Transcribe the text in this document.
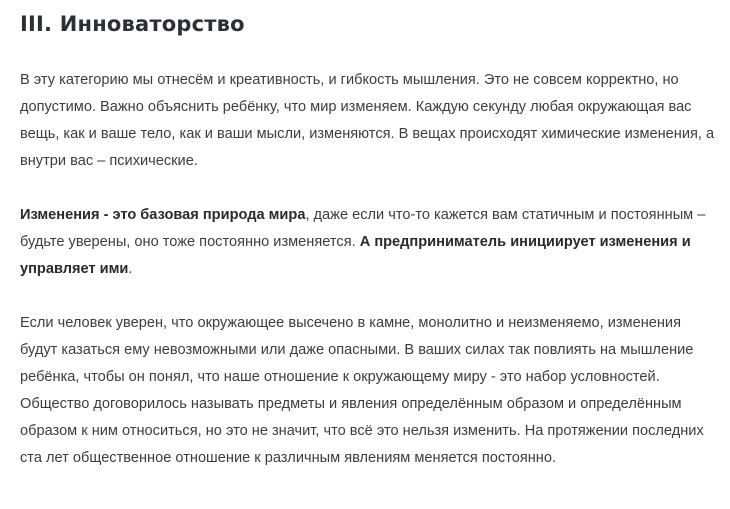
III. Инноваторство

В эту категорию мы отнесём и креативность, и гибкость мышления. Это не совсем корректно, но допустимо. Важно объяснить ребёнку, что мир изменяем. Каждую секунду любая окружающая вас вещь, как и ваше тело, как и ваши мысли, изменяются. В вещах происходят химические изменения, а внутри вас – психические.

Изменения - это базовая природа мира, даже если что-то кажется вам статичным и постоянным – будьте уверены, оно тоже постоянно изменяется. А предприниматель инициирует изменения и управляет ими.

Если человек уверен, что окружающее высечено в камне, монолитно и неизменяемо, изменения будут казаться ему невозможными или даже опасными. В ваших силах так повлиять на мышление ребёнка, чтобы он понял, что наше отношение к окружающему миру - это набор условностей. Общество договорилось называть предметы и явления определённым образом и определённым образом к ним относиться, но это не значит, что всё это нельзя изменить. На протяжении последних ста лет общественное отношение к различным явлениям меняется постоянно.
